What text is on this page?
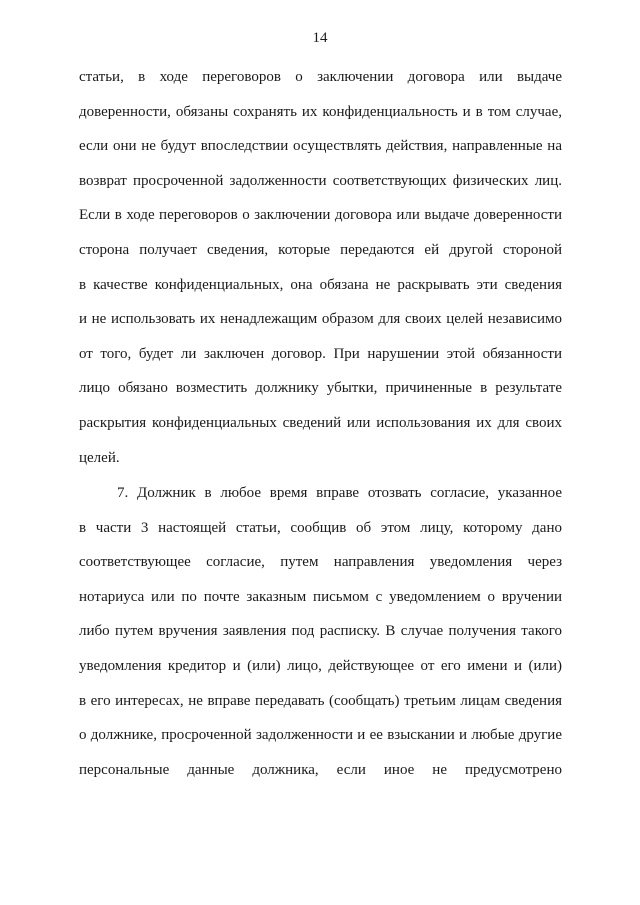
14
статьи, в ходе переговоров о заключении договора или выдаче
доверенности, обязаны сохранять их конфиденциальность и в том случае,
если они не будут впоследствии осуществлять действия, направленные на
возврат просроченной задолженности соответствующих физических лиц.
Если в ходе переговоров о заключении договора или выдаче доверенности
сторона получает сведения, которые передаются ей другой стороной
в качестве конфиденциальных, она обязана не раскрывать эти сведения
и не использовать их ненадлежащим образом для своих целей независимо
от того, будет ли заключен договор. При нарушении этой обязанности
лицо обязано возместить должнику убытки, причиненные в результате
раскрытия конфиденциальных сведений или использования их для своих
целей.
7. Должник в любое время вправе отозвать согласие, указанное
в части 3 настоящей статьи, сообщив об этом лицу, которому дано
соответствующее согласие, путем направления уведомления через
нотариуса или по почте заказным письмом с уведомлением о вручении
либо путем вручения заявления под расписку. В случае получения такого
уведомления кредитор и (или) лицо, действующее от его имени и (или)
в его интересах, не вправе передавать (сообщать) третьим лицам сведения
о должнике, просроченной задолженности и ее взыскании и любые другие
персональные данные должника, если иное не предусмотрено
